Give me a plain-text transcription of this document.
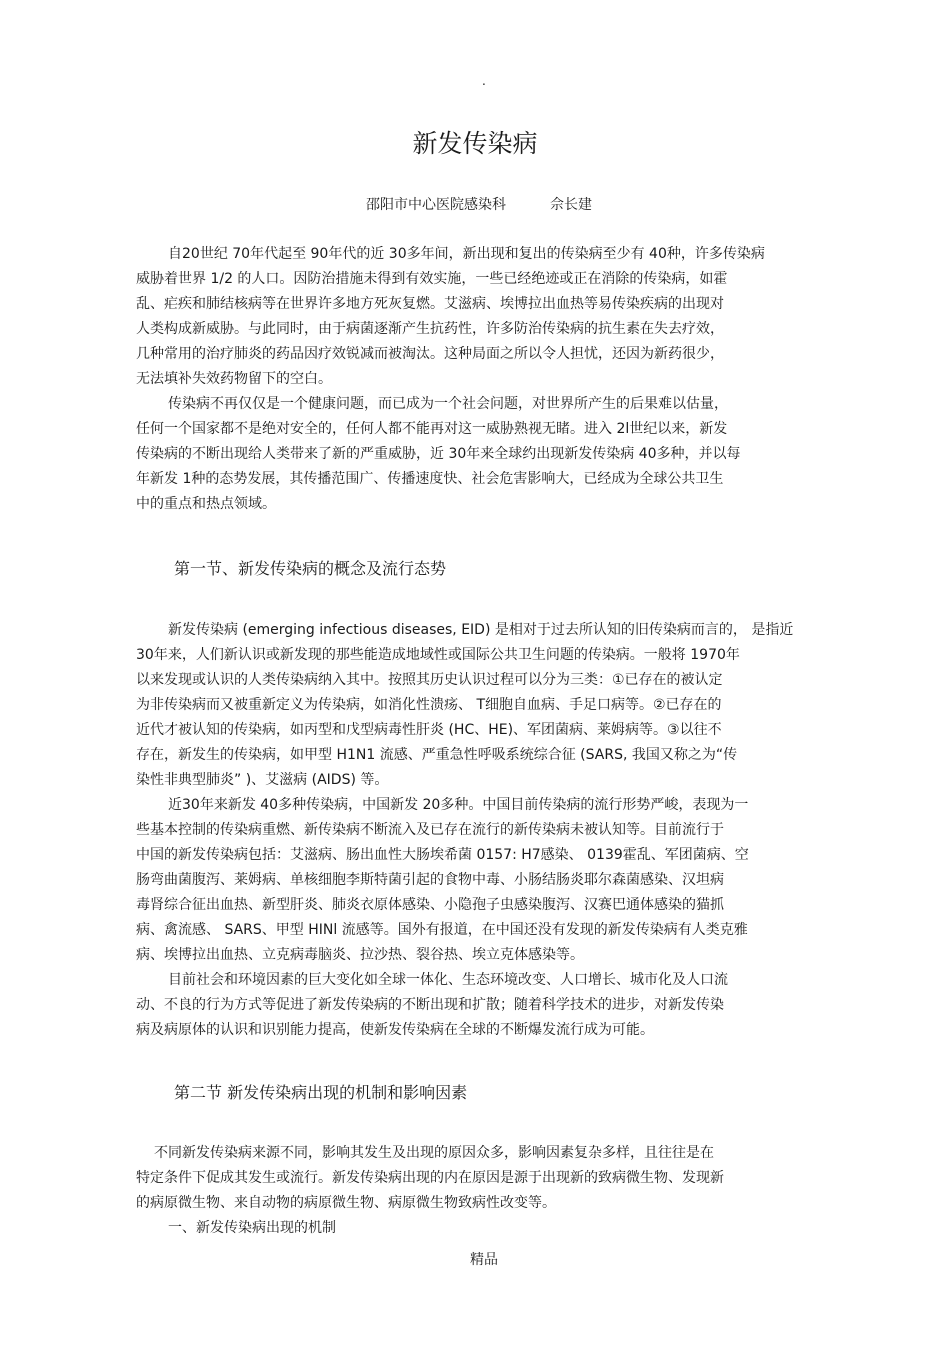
.
新发传染病
邵阳市中心医院感染科	佘长建
自20世纪 70年代起至 90年代的近 30多年间，新出现和复出的传染病至少有 40种，许多传染病
威胁着世界 1/2 的人口。因防治措施未得到有效实施，一些已经绝迹或正在消除的传染病，如霍
乱、疟疾和肺结核病等在世界许多地方死灰复燃。艾滋病、埃博拉出血热等易传染疾病的出现对
人类构成新威胁。与此同时，由于病菌逐渐产生抗药性，许多防治传染病的抗生素在失去疗效，
几种常用的治疗肺炎的药品因疗效锐减而被淘汰。这种局面之所以令人担忧，还因为新药很少，
无法填补失效药物留下的空白。
传染病不再仅仅是一个健康问题，而已成为一个社会问题，对世界所产生的后果难以估量，
任何一个国家都不是绝对安全的，任何人都不能再对这一威胁熟视无睹。进入 2l世纪以来，新发
传染病的不断出现给人类带来了新的严重威胁，近 30年来全球约出现新发传染病 40多种，并以每
年新发 1种的态势发展，其传播范围广、传播速度快、社会危害影响大，已经成为全球公共卫生
中的重点和热点领域。
第一节、新发传染病的概念及流行态势
新发传染病 (emerging infectious diseases, EID) 是相对于过去所认知的旧传染病而言的， 是指近
30年来，人们新认识或新发现的那些能造成地域性或国际公共卫生问题的传染病。一般将 1970年
以来发现或认识的人类传染病纳入其中。按照其历史认识过程可以分为三类：①已存在的被认定
为非传染病而又被重新定义为传染病，如消化性溃疡、 T细胞自血病、手足口病等。②已存在的
近代才被认知的传染病，如丙型和戊型病毒性肝炎 (HC、HE)、军团菌病、莱姆病等。③以往不
存在，新发生的传染病，如甲型 H1N1 流感、严重急性呼吸系统综合征 (SARS, 我国又称之为“传
染性非典型肺炎” )、艾滋病 (AIDS) 等。
近30年来新发 40多种传染病，中国新发 20多种。中国目前传染病的流行形势严峻，表现为一
些基本控制的传染病重燃、新传染病不断流入及已存在流行的新传染病未被认知等。目前流行于
中国的新发传染病包括：艾滋病、肠出血性大肠埃希菌 0157: H7感染、 0139霍乱、军团菌病、空
肠弯曲菌腹泻、莱姆病、单核细胞李斯特菌引起的食物中毒、小肠结肠炎耶尔森菌感染、汉坦病
毒肾综合征出血热、新型肝炎、肺炎衣原体感染、小隐孢子虫感染腹泻、汉赛巴通体感染的猫抓
病、禽流感、 SARS、甲型 HINl 流感等。国外有报道，在中国还没有发现的新发传染病有人类克雅
病、埃博拉出血热、立克病毒脑炎、拉沙热、裂谷热、埃立克体感染等。
目前社会和环境因素的巨大变化如全球一体化、生态环境改变、人口增长、城市化及人口流
动、不良的行为方式等促进了新发传染病的不断出现和扩散；随着科学技术的进步，对新发传染
病及病原体的认识和识别能力提高，使新发传染病在全球的不断爆发流行成为可能。
第二节 新发传染病出现的机制和影响因素
不同新发传染病来源不同，影响其发生及出现的原因众多，影响因素复杂多样，且往往是在
特定条件下促成其发生或流行。新发传染病出现的内在原因是源于出现新的致病微生物、发现新
的病原微生物、来自动物的病原微生物、病原微生物致病性改变等。
一、新发传染病出现的机制
精品
